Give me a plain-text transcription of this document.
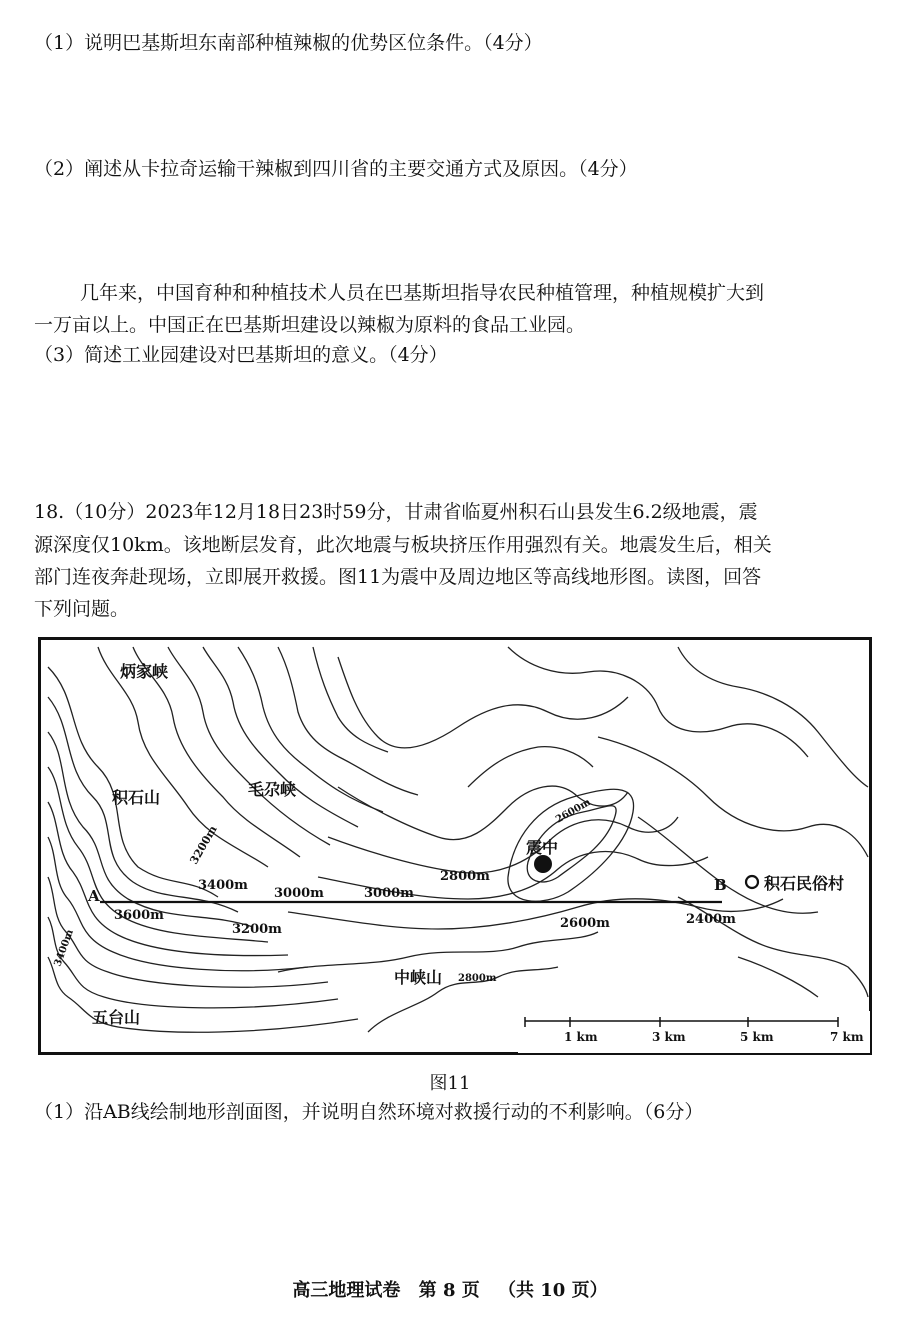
（1）说明巴基斯坦东南部种植辣椒的优势区位条件。（4分）
（2）阐述从卡拉奇运输干辣椒到四川省的主要交通方式及原因。（4分）
几年来，中国育种和种植技术人员在巴基斯坦指导农民种植管理，种植规模扩大到
一万亩以上。中国正在巴基斯坦建设以辣椒为原料的食品工业园。
（3）简述工业园建设对巴基斯坦的意义。（4分）
18.（10分）2023年12月18日23时59分，甘肃省临夏州积石山县发生6.2级地震，震
源深度仅10km。该地断层发育，此次地震与板块挤压作用强烈有关。地震发生后，相关
部门连夜奔赴现场，立即展开救援。图11为震中及周边地区等高线地形图。读图，回答
下列问题。
炳家峡
积石山	毛尕峡
震中
积石民俗村
中峡山
五台山
A
B
3200m
3400m
3000m	3000m
2800m
2600m
3600m
3200m	2600m	2400m
3400m
2800m
1 km	3 km	5 km	7 km
图11
（1）沿AB线绘制地形剖面图，并说明自然环境对救援行动的不利影响。（6分）
高三地理试卷 第 8 页 （共 10 页）
